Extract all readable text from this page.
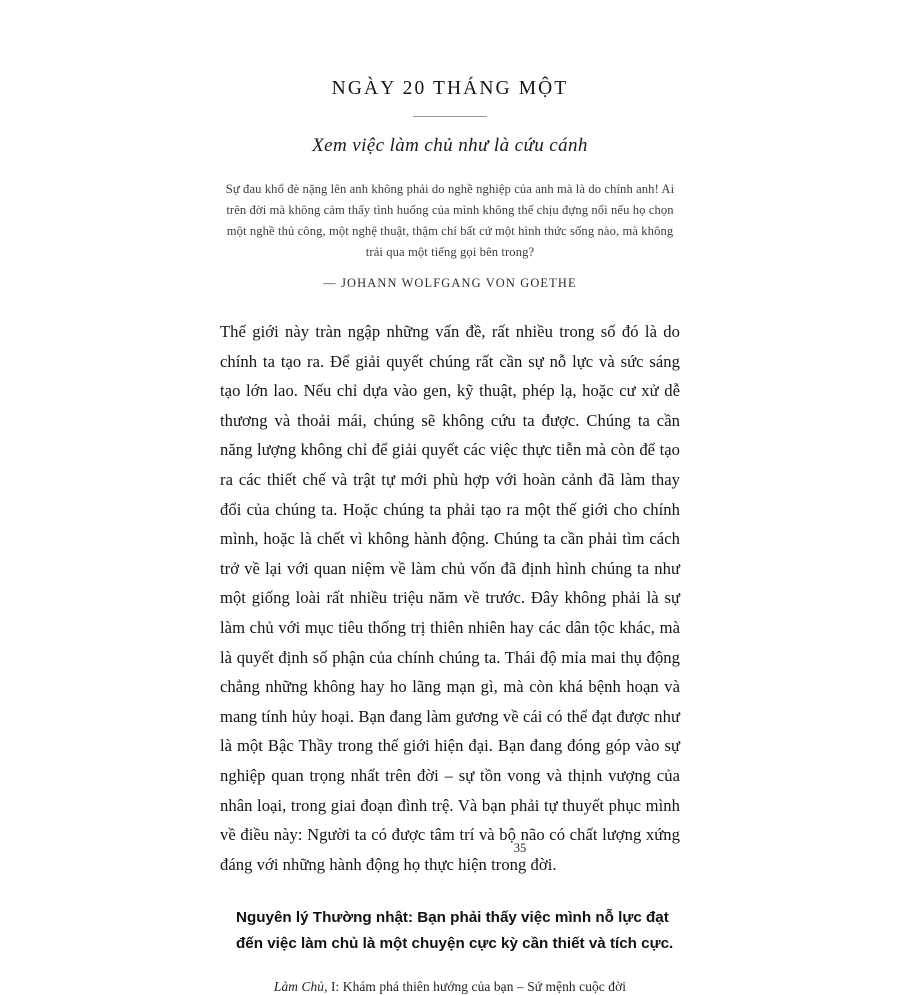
NGÀY 20 THÁNG MỘT
Xem việc làm chủ như là cứu cánh

Sự đau khổ đè nặng lên anh không phải do nghề nghiệp của anh mà là do chính anh! Ai trên đời mà không cảm thấy tình huống của mình không thể chịu đựng nổi nếu họ chọn một nghề thủ công, một nghệ thuật, thậm chí bất cứ một hình thức sống nào, mà không trải qua một tiếng gọi bên trong?

— JOHANN WOLFGANG VON GOETHE

Thế giới này tràn ngập những vấn đề, rất nhiều trong số đó là do chính ta tạo ra. Để giải quyết chúng rất cần sự nỗ lực và sức sáng tạo lớn lao. Nếu chỉ dựa vào gen, kỹ thuật, phép lạ, hoặc cư xử dễ thương và thoải mái, chúng sẽ không cứu ta được. Chúng ta cần năng lượng không chỉ để giải quyết các việc thực tiễn mà còn để tạo ra các thiết chế và trật tự mới phù hợp với hoàn cảnh đã làm thay đổi của chúng ta. Hoặc chúng ta phải tạo ra một thế giới cho chính mình, hoặc là chết vì không hành động. Chúng ta cần phải tìm cách trở về lại với quan niệm về làm chủ vốn đã định hình chúng ta như một giống loài rất nhiều triệu năm về trước. Đây không phải là sự làm chủ với mục tiêu thống trị thiên nhiên hay các dân tộc khác, mà là quyết định số phận của chính chúng ta. Thái độ mỉa mai thụ động chẳng những không hay ho lãng mạn gì, mà còn khá bệnh hoạn và mang tính hủy hoại. Bạn đang làm gương về cái có thể đạt được như là một Bậc Thầy trong thế giới hiện đại. Bạn đang đóng góp vào sự nghiệp quan trọng nhất trên đời – sự tồn vong và thịnh vượng của nhân loại, trong giai đoạn đình trệ. Và bạn phải tự thuyết phục mình về điều này: Người ta có được tâm trí và bộ não có chất lượng xứng đáng với những hành động họ thực hiện trong đời.

Nguyên lý Thường nhật: Bạn phải thấy việc mình nỗ lực đạt đến việc làm chủ là một chuyện cực kỳ cần thiết và tích cực.

Làm Chủ, I: Khám phá thiên hướng của bạn – Sứ mệnh cuộc đời

35
